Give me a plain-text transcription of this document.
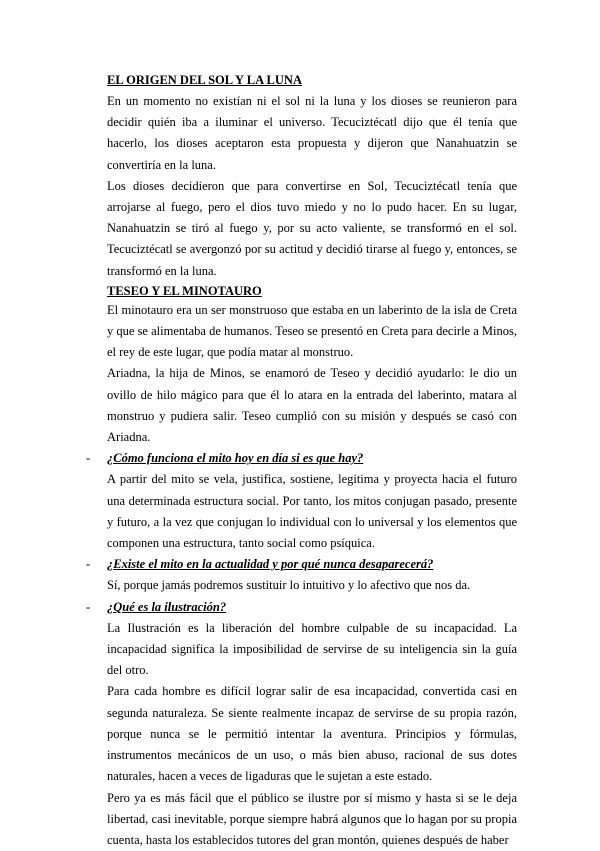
EL ORIGEN DEL SOL Y LA LUNA

En un momento no existían ni el sol ni la luna y los dioses se reunieron para decidir quién iba a iluminar el universo. Tecuciztécatl dijo que él tenía que hacerlo, los dioses aceptaron esta propuesta y dijeron que Nanahuatzin se convertiría en la luna.

Los dioses decidieron que para convertirse en Sol, Tecuciztécatl tenía que arrojarse al fuego, pero el dios tuvo miedo y no lo pudo hacer. En su lugar, Nanahuatzin se tiró al fuego y, por su acto valiente, se transformó en el sol. Tecuciztécatl se avergonzó por su actitud y decidió tirarse al fuego y, entonces, se transformó en la luna.

TESEO Y EL MINOTAURO

El minotauro era un ser monstruoso que estaba en un laberinto de la isla de Creta y que se alimentaba de humanos. Teseo se presentó en Creta para decirle a Minos, el rey de este lugar, que podía matar al monstruo.

Ariadna, la hija de Minos, se enamoró de Teseo y decidió ayudarlo: le dio un ovillo de hilo mágico para que él lo atara en la entrada del laberinto, matara al monstruo y pudiera salir. Teseo cumplió con su misión y después se casó con Ariadna.

- ¿Cómo funciona el mito hoy en día si es que hay?

A partir del mito se vela, justifica, sostiene, legitima y proyecta hacia el futuro una determinada estructura social. Por tanto, los mitos conjugan pasado, presente y futuro, a la vez que conjugan lo individual con lo universal y los elementos que componen una estructura, tanto social como psíquica.

- ¿Existe el mito en la actualidad y por qué nunca desaparecerá?

Sí, porque jamás podremos sustituir lo intuitivo y lo afectivo que nos da.

- ¿Qué es la ilustración?

La Ilustración es la liberación del hombre culpable de su incapacidad. La incapacidad significa la imposibilidad de servirse de su inteligencia sin la guía del otro.

Para cada hombre es difícil lograr salir de esa incapacidad, convertida casi en segunda naturaleza. Se siente realmente incapaz de servirse de su propia razón, porque nunca se le permitió intentar la aventura. Principios y fórmulas, instrumentos mecánicos de un uso, o más bien abuso, racional de sus dotes naturales, hacen a veces de ligaduras que le sujetan a este estado.

Pero ya es más fácil que el público se ilustre por sí mismo y hasta si se le deja libertad, casi inevitable, porque siempre habrá algunos que lo hagan por su propia cuenta, hasta los establecidos tutores del gran montón, quienes después de haber
